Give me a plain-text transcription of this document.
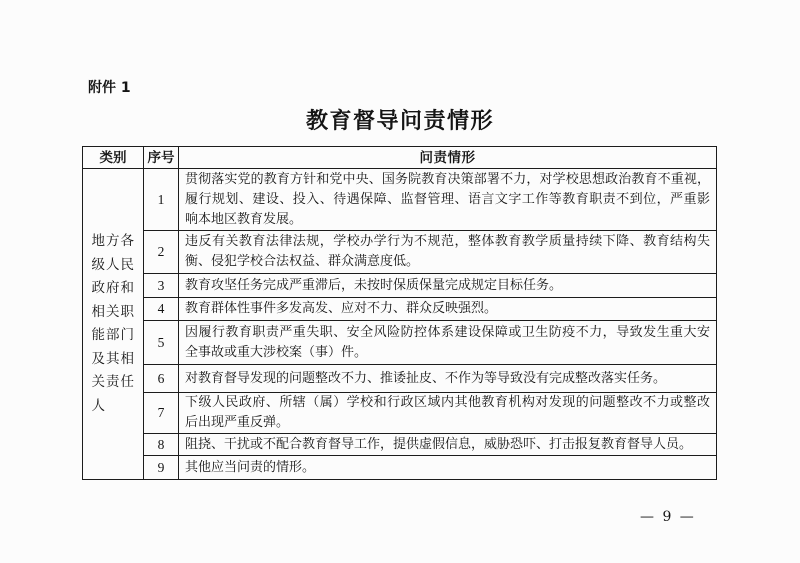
附件 1
教育督导问责情形
类别	序号	问责情形

地方各级人民政府和相关职能部门及其相关责任人	1	贯彻落实党的教育方针和党中央、国务院教育决策部署不力，对学校思想政治教育不重视，
履行规划、建设、投入、待遇保障、监督管理、语言文字工作等教育职责不到位，严重影
响本地区教育发展。

	2	违反有关教育法律法规，学校办学行为不规范，整体教育教学质量持续下降、教育结构失
衡、侵犯学校合法权益、群众满意度低。

	3	教育攻坚任务完成严重滞后，未按时保质保量完成规定目标任务。

	4	教育群体性事件多发高发、应对不力、群众反映强烈。

	5	因履行教育职责严重失职、安全风险防控体系建设保障或卫生防疫不力，导致发生重大安
全事故或重大涉校案（事）件。

	6	对教育督导发现的问题整改不力、推诿扯皮、不作为等导致没有完成整改落实任务。

	7	下级人民政府、所辖（属）学校和行政区域内其他教育机构对发现的问题整改不力或整改
后出现严重反弹。

	8	阻挠、干扰或不配合教育督导工作，提供虚假信息，威胁恐吓、打击报复教育督导人员。

	9	其他应当问责的情形。
— 9 —
